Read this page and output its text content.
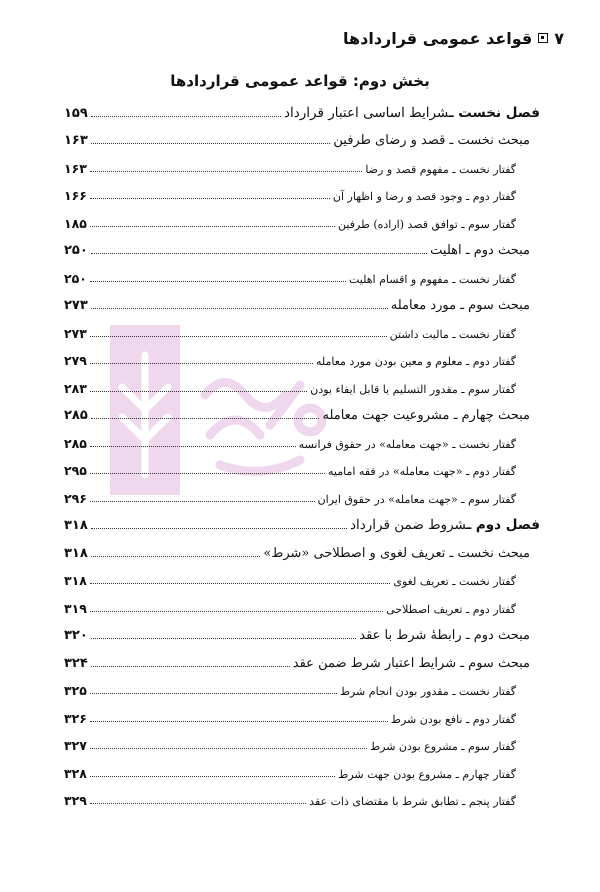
۷
قواعد عمومی قراردادها
بخش دوم: قواعد عمومی قراردادها
فصل نخست ـشرایط اساسی اعتبار قرارداد
۱۵۹
مبحث نخست ـ قصد و رضای طرفین
۱۶۳
گفتار نخست ـ مفهوم قصد و رضا
۱۶۳
گفتار دوم ـ وجود قصد و رضا و اظهار آن
۱۶۶
گفتار سوم ـ توافق قصد (اراده) طرفین
۱۸۵
مبحث دوم ـ اهلیت
۲۵۰
گفتار نخست ـ مفهوم و اقسام اهلیت
۲۵۰
مبحث سوم ـ مورد معامله
۲۷۳
گفتار نخست ـ مالیت داشتن
۲۷۳
گفتار دوم ـ معلوم و معین بودن مورد معامله
۲۷۹
گفتار سوم ـ مقدور التسلیم یا قابل ایفاء بودن
۲۸۳
مبحث چهارم ـ مشروعیت جهت معامله
۲۸۵
گفتار نخست ـ «جهت معامله» در حقوق فرانسه
۲۸۵
گفتار دوم ـ «جهت معامله» در فقه امامیه
۲۹۵
گفتار سوم ـ «جهت معامله» در حقوق ایران
۲۹۶
فصل دوم ـشروط ضمن قرارداد
۳۱۸
مبحث نخست ـ تعریف لغوی و اصطلاحی «شرط»
۳۱۸
گفتار نخست ـ تعریف لغوی
۳۱۸
گفتار دوم ـ تعریف اصطلاحی
۳۱۹
مبحث دوم ـ رابطهٔ شرط با عقد
۳۲۰
مبحث سوم ـ شرایط اعتبار شرط ضمن عقد
۳۲۴
گفتار نخست ـ مقدور بودن انجام شرط
۳۲۵
گفتار دوم ـ نافع بودن شرط
۳۲۶
گفتار سوم ـ مشروع بودن شرط
۳۲۷
گفتار چهارم ـ مشروع بودن جهت شرط
۳۲۸
گفتار پنجم ـ تطابق شرط با مقتضای ذات عقد
۳۲۹
